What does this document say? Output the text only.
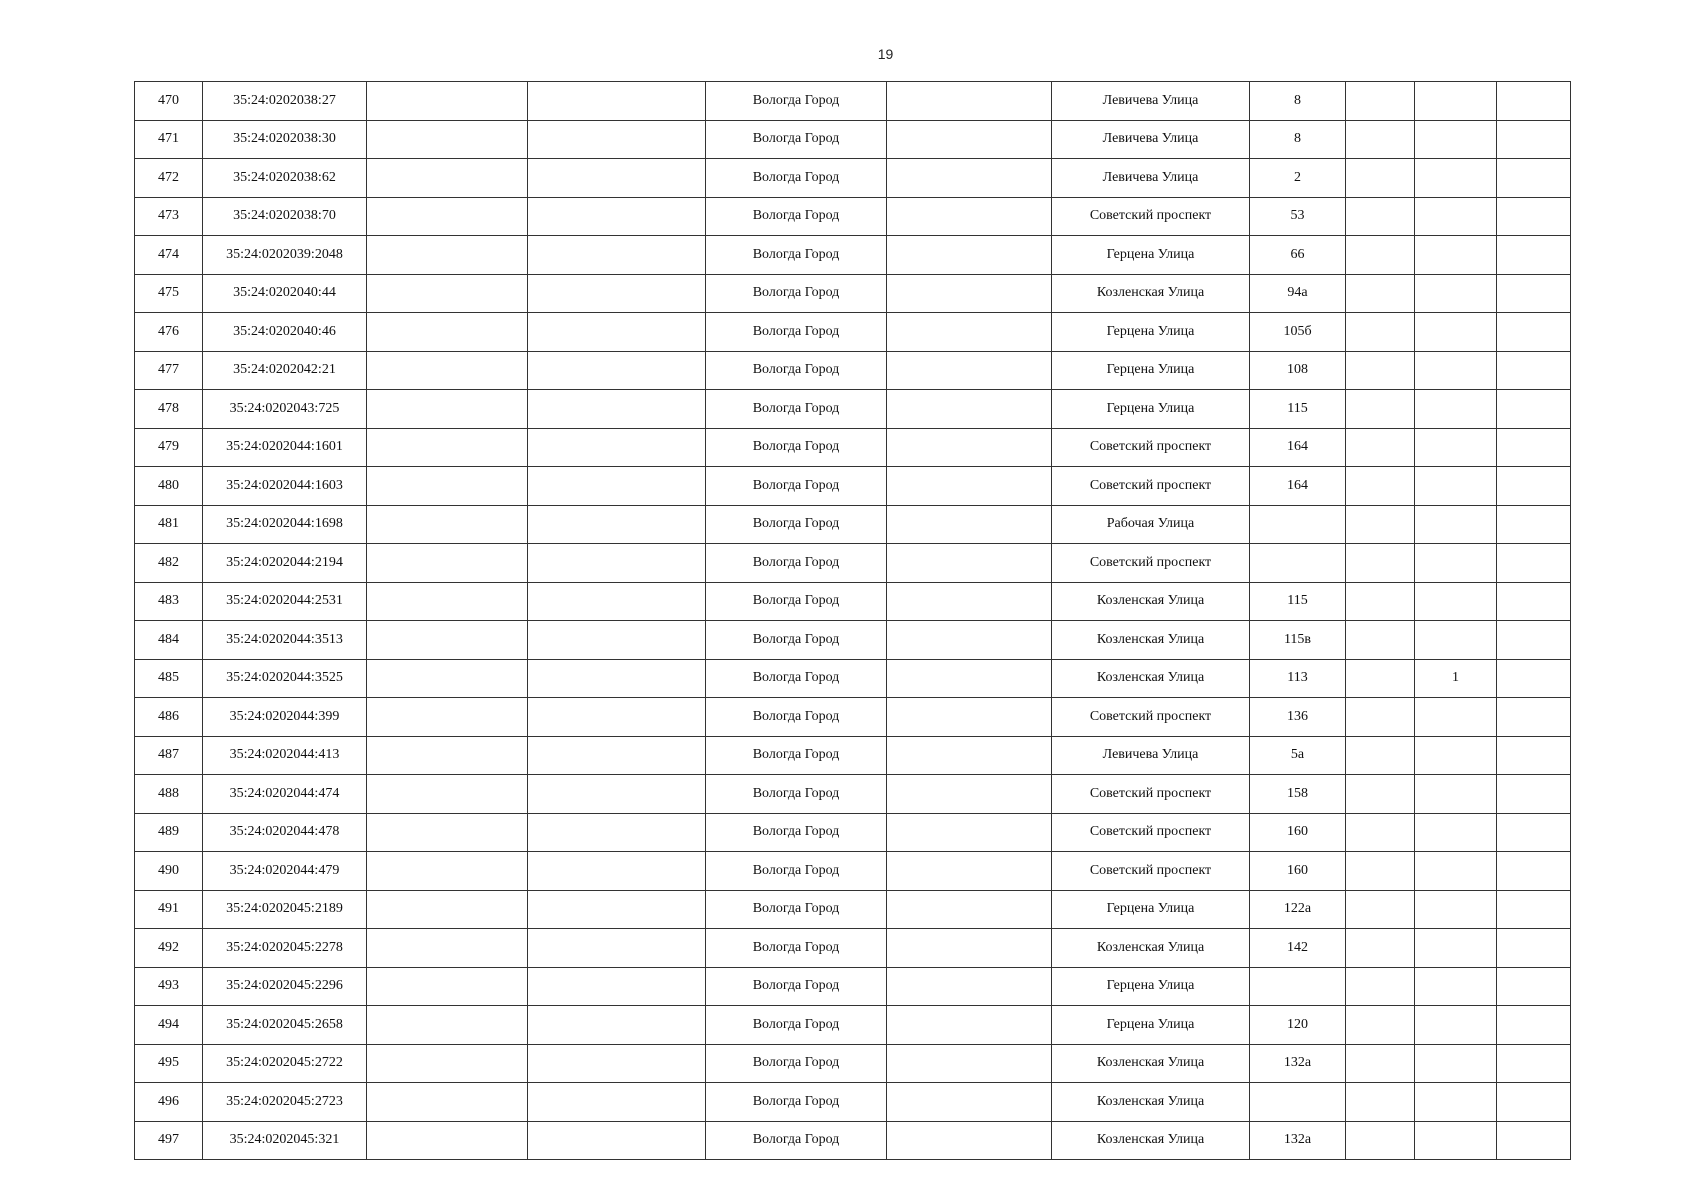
19
470	35:24:0202038:27			Вологда Город		Левичева Улица	8			
471	35:24:0202038:30			Вологда Город		Левичева Улица	8			
472	35:24:0202038:62			Вологда Город		Левичева Улица	2			
473	35:24:0202038:70			Вологда Город		Советский проспект	53			
474	35:24:0202039:2048			Вологда Город		Герцена Улица	66			
475	35:24:0202040:44			Вологда Город		Козленская Улица	94а			
476	35:24:0202040:46			Вологда Город		Герцена Улица	105б			
477	35:24:0202042:21			Вологда Город		Герцена Улица	108			
478	35:24:0202043:725			Вологда Город		Герцена Улица	115			
479	35:24:0202044:1601			Вологда Город		Советский проспект	164			
480	35:24:0202044:1603			Вологда Город		Советский проспект	164			
481	35:24:0202044:1698			Вологда Город		Рабочая Улица				
482	35:24:0202044:2194			Вологда Город		Советский проспект				
483	35:24:0202044:2531			Вологда Город		Козленская Улица	115			
484	35:24:0202044:3513			Вологда Город		Козленская Улица	115в			
485	35:24:0202044:3525			Вологда Город		Козленская Улица	113		1	
486	35:24:0202044:399			Вологда Город		Советский проспект	136			
487	35:24:0202044:413			Вологда Город		Левичева Улица	5а			
488	35:24:0202044:474			Вологда Город		Советский проспект	158			
489	35:24:0202044:478			Вологда Город		Советский проспект	160			
490	35:24:0202044:479			Вологда Город		Советский проспект	160			
491	35:24:0202045:2189			Вологда Город		Герцена Улица	122а			
492	35:24:0202045:2278			Вологда Город		Козленская Улица	142			
493	35:24:0202045:2296			Вологда Город		Герцена Улица				
494	35:24:0202045:2658			Вологда Город		Герцена Улица	120			
495	35:24:0202045:2722			Вологда Город		Козленская Улица	132а			
496	35:24:0202045:2723			Вологда Город		Козленская Улица				
497	35:24:0202045:321			Вологда Город		Козленская Улица	132а			
